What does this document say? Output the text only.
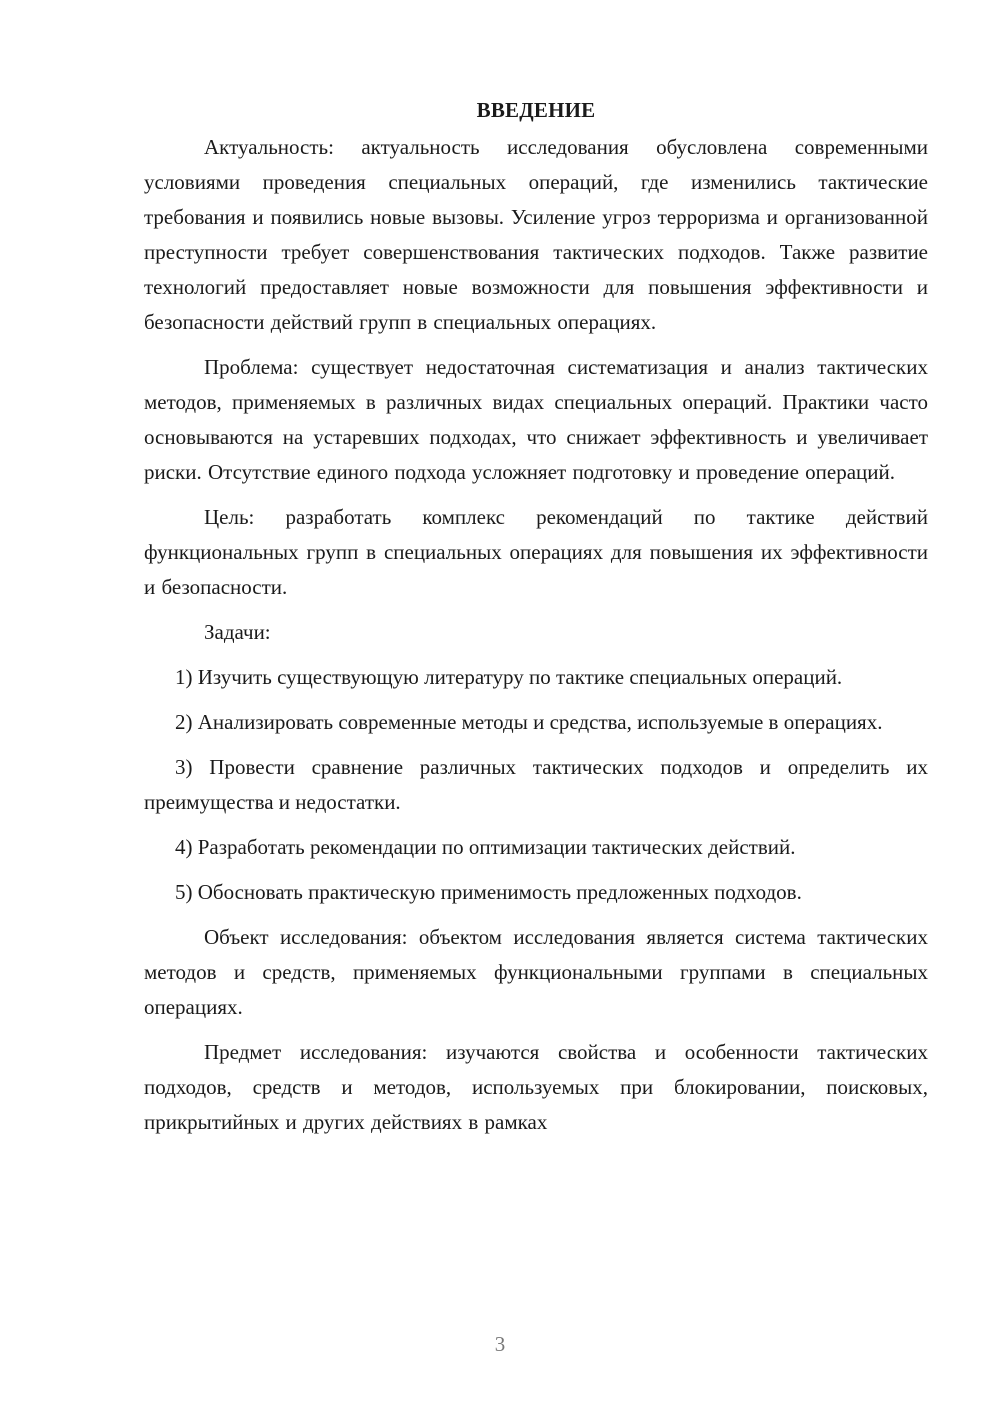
ВВЕДЕНИЕ

Актуальность: актуальность исследования обусловлена современными условиями проведения специальных операций, где изменились тактические требования и появились новые вызовы. Усиление угроз терроризма и организованной преступности требует совершенствования тактических подходов. Также развитие технологий предоставляет новые возможности для повышения эффективности и безопасности действий групп в специальных операциях.

Проблема: существует недостаточная систематизация и анализ тактических методов, применяемых в различных видах специальных операций. Практики часто основываются на устаревших подходах, что снижает эффективность и увеличивает риски. Отсутствие единого подхода усложняет подготовку и проведение операций.

Цель: разработать комплекс рекомендаций по тактике действий функциональных групп в специальных операциях для повышения их эффективности и безопасности.

Задачи:

1) Изучить существующую литературу по тактике специальных операций.

2) Анализировать современные методы и средства, используемые в операциях.

3) Провести сравнение различных тактических подходов и определить их преимущества и недостатки.

4) Разработать рекомендации по оптимизации тактических действий.

5) Обосновать практическую применимость предложенных подходов.

Объект исследования: объектом исследования является система тактических методов и средств, применяемых функциональными группами в специальных операциях.

Предмет исследования: изучаются свойства и особенности тактических подходов, средств и методов, используемых при блокировании, поисковых, прикрытийных и других действиях в рамках

3
